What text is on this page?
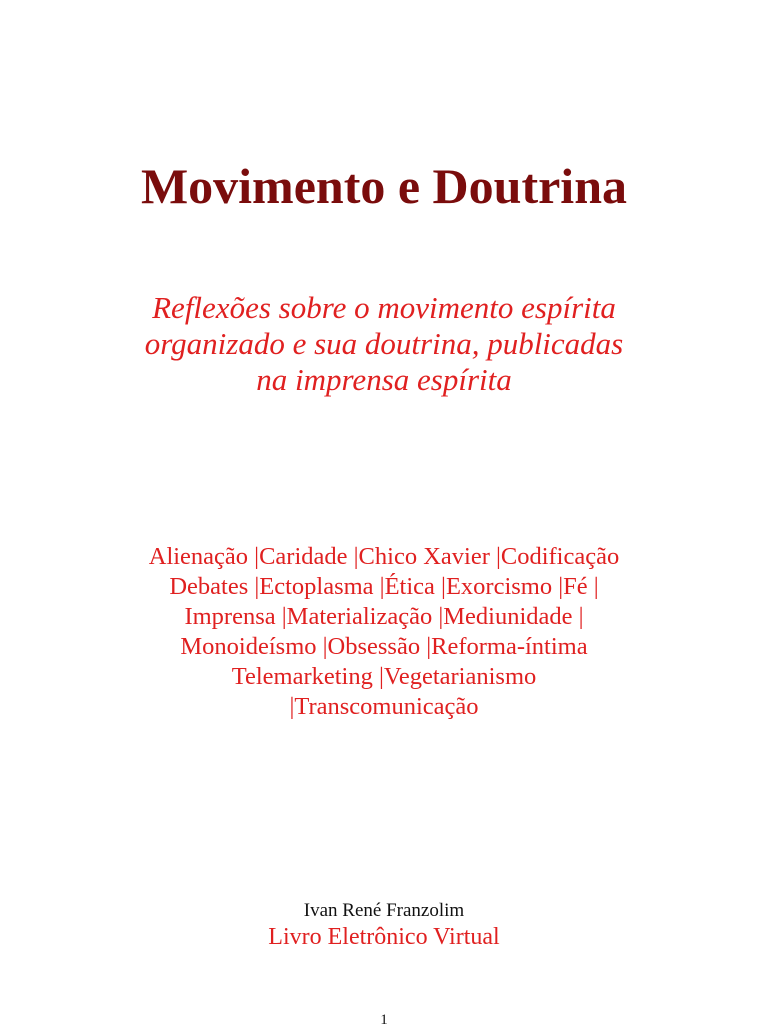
Movimento e Doutrina
Reflexões sobre o movimento espírita
organizado e sua doutrina, publicadas
na imprensa espírita
Alienação |Caridade |Chico Xavier |Codificação
Debates |Ectoplasma |Ética |Exorcismo |Fé |
Imprensa |Materialização |Mediunidade |
Monoideísmo |Obsessão |Reforma-íntima
Telemarketing |Vegetarianismo
|Transcomunicação

Ivan René Franzolim

Livro Eletrônico Virtual

1
